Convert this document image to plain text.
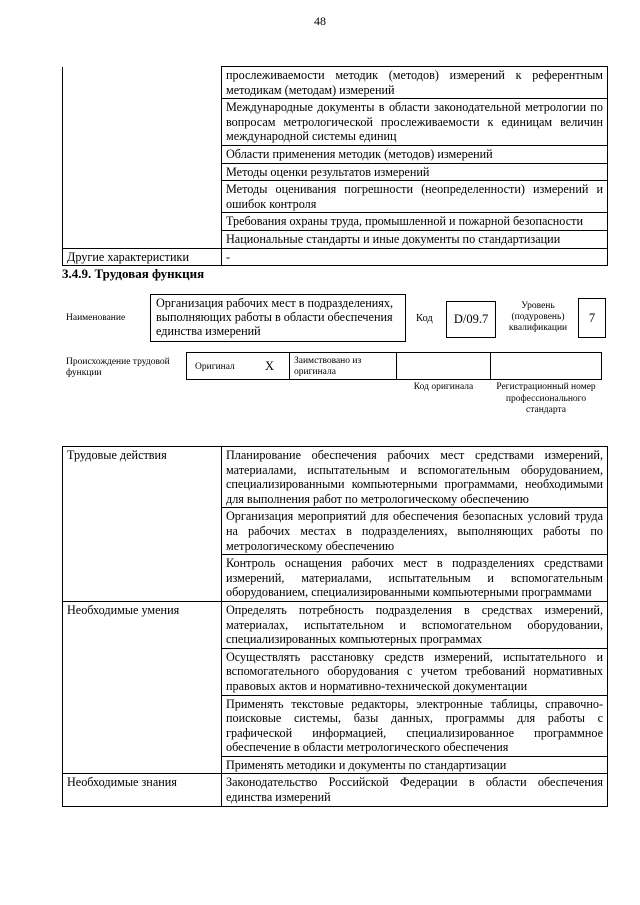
48
	прослеживаемости методик (методов) измерений к референтным методикам (методам) измерений
	Международные документы в области законодательной метрологии по вопросам метрологической прослеживаемости к единицам величин международной системы единиц
	Области применения методик (методов) измерений
	Методы оценки результатов измерений
	Методы оценивания погрешности (неопределенности) измерений и ошибок контроля
	Требования охраны труда, промышленной и пожарной безопасности
	Национальные стандарты и иные документы по стандартизации
Другие характеристики	-
3.4.9. Трудовая функция
Наименование
Организация рабочих мест в подразделениях, выполняющих работы в области обеспечения единства измерений
Код	D/09.7
Уровень (подуровень) квалификации
7
Происхождение трудовой функции
Оригинал	X	Заимствовано из оригинала
Код оригинала	Регистрационный номер профессионального стандарта
Трудовые действия	Планирование обеспечения рабочих мест средствами измерений, материалами, испытательным и вспомогательным оборудованием, специализированными компьютерными программами, необходимыми для выполнения работ по метрологическому обеспечению
	Организация мероприятий для обеспечения безопасных условий труда на рабочих местах в подразделениях, выполняющих работы по метрологическому обеспечению
	Контроль оснащения рабочих мест в подразделениях средствами измерений, материалами, испытательным и вспомогательным оборудованием, специализированными компьютерными программами
Необходимые умения	Определять потребность подразделения в средствах измерений, материалах, испытательном и вспомогательном оборудовании, специализированных компьютерных программах
	Осуществлять расстановку средств измерений, испытательного и вспомогательного оборудования с учетом требований нормативных правовых актов и нормативно-технической документации
	Применять текстовые редакторы, электронные таблицы, справочно-поисковые системы, базы данных, программы для работы с графической информацией, специализированное программное обеспечение в области метрологического обеспечения
	Применять методики и документы по стандартизации
Необходимые знания	Законодательство Российской Федерации в области обеспечения единства измерений
